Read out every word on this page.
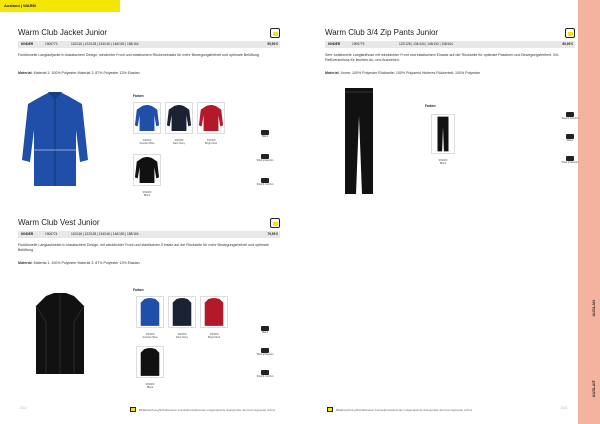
Ausland | WARM
AUSLAN
AUSLAIT
Warm Club Jacket Junior
KINDER	1906773	110/116 | 122/128 | 134/140 | 146/152 | 158/164	59,95 €
Funktionelle Langlaufjacke in klassischem Design, windichter Front und elastischem Rückeneinsatz für mehr Bewegungsfreiheit und optimale Belüftung
Material: Material 1: 100% Polyester Material 2: 87% Polyester 13% Elastan
Farben
336000
Sweden Blue
396000
Dark Navy
430000
Bright Red
999000
Black
Warm
Wind-protection
Stretch Comfort
Warm Club Vest Junior
KINDER	1906774	110/116 | 122/128 | 134/140 | 146/152 | 158/164	79,95 €
Funktionelle Langlaufweste in klassischem Design, mit winddichter Front und elastischem Einsatz auf der Rückseite für mehr Bewegungsfreiheit und optimale Belüftung
Material: Material 1: 100% Polyester Material 2: 87% Polyester 13% Elastan
Farben
336000
Sweden Blue
396000
Dark Navy
430000
Bright Red
999000
Black
Warm
Wind-protection
Stretch Comfort
262	Bildabweichung/Schabloneleer Kursaufpreis/elisonder undgenapende cleangender den/nommigsoeder schnot
Warm Club 3/4 Zip Pants Junior
KINDER	1906775	122/128 | 134/140 | 146/152 | 158/164	89,95 €
Sehr funktionelle Langlaufhose mit winddichter Front und elastischem Einsatz auf der Rückseite für optimale Passform und Bewegungsfreiheit. 3/4-Reißverschluss für leichtes An- und Ausziehen.
Material: Vorne: 100% Polyester Rückseite: 100% Polyamid Hinteres Rückenteil: 100% Polyester
Farben
999000
Black
Stretch Comfort
Warm
Wind-protection
Bildabweichung/Schabloneleer Kursaufpreis/elisonder undgenapende cleangender den/nommigsoeder schnot	263
